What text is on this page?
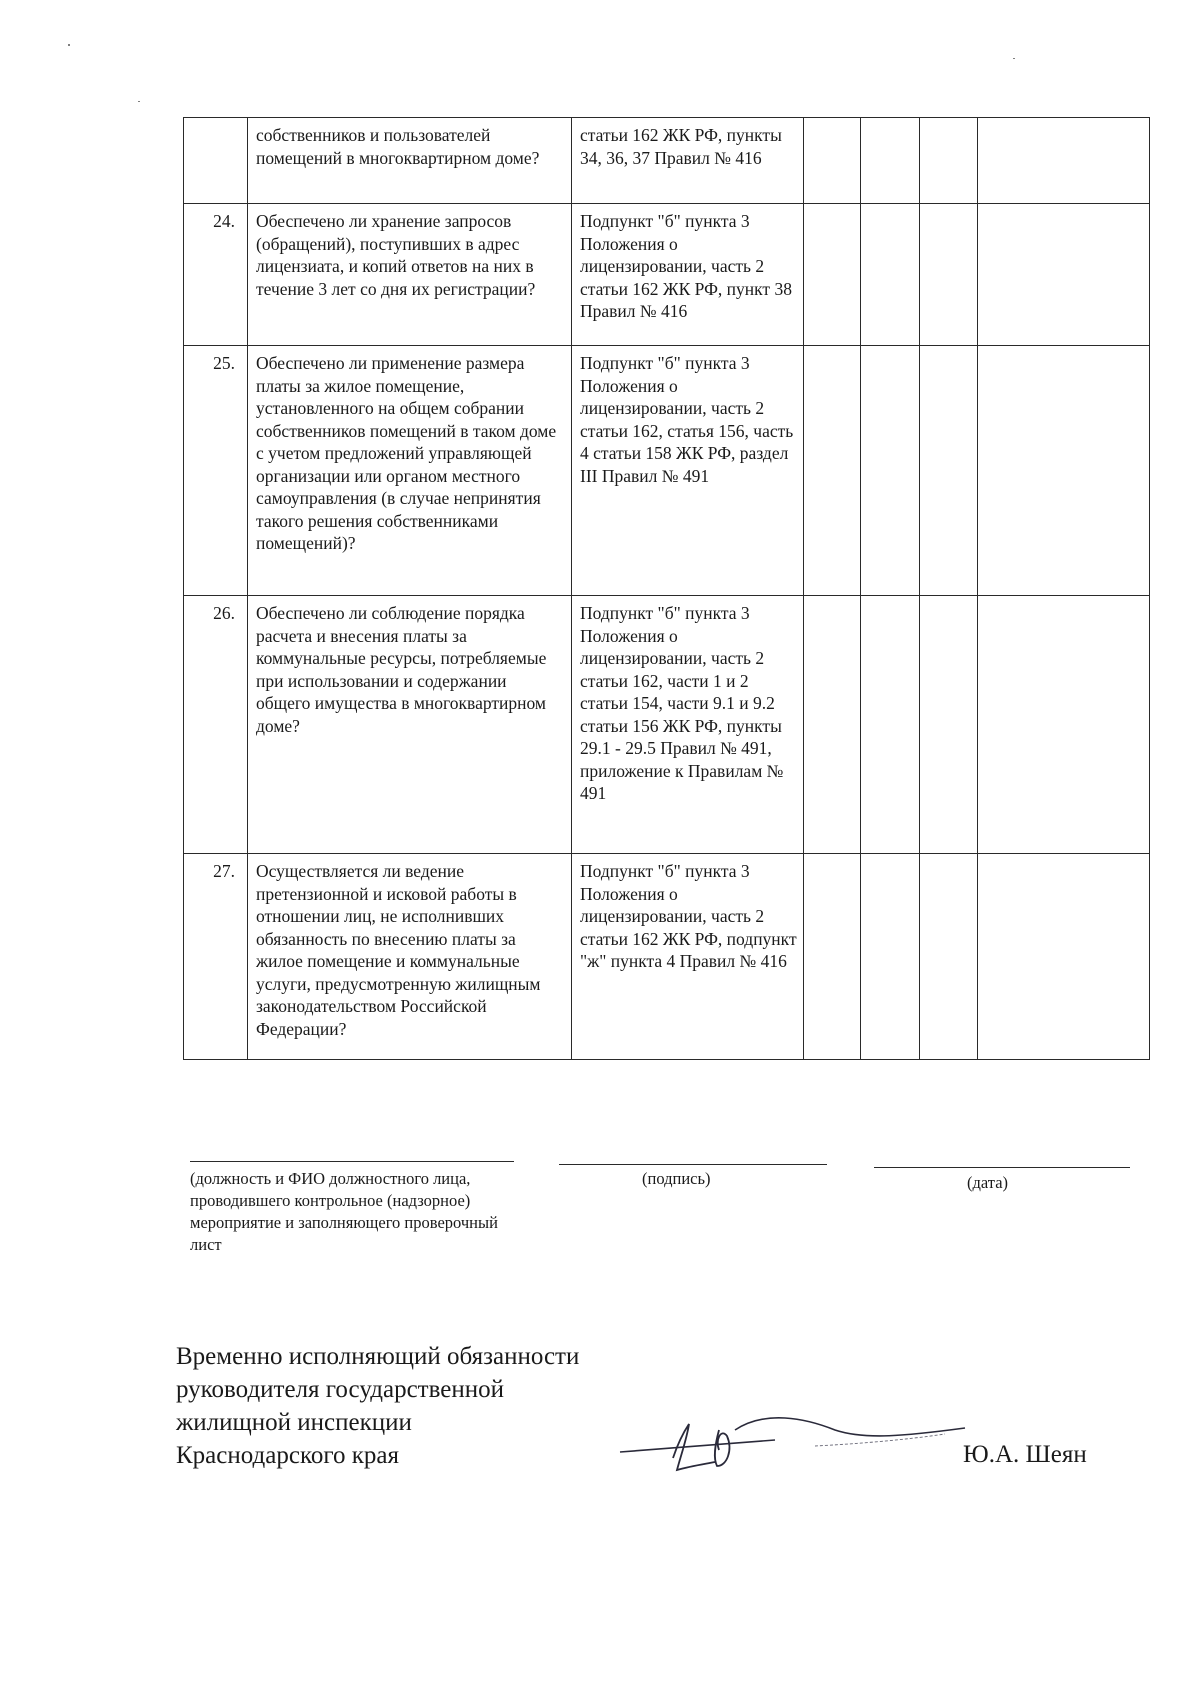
	собственников и пользователей помещений в многоквартирном доме?	статьи 162 ЖК РФ, пункты 34, 36, 37 Правил № 416				
24.	Обеспечено ли хранение запросов (обращений), поступивших в адрес лицензиата, и копий ответов на них в течение 3 лет со дня их регистрации?	Подпункт "б" пункта 3 Положения о лицензировании, часть 2 статьи 162 ЖК РФ, пункт 38 Правил № 416				
25.	Обеспечено ли применение размера платы за жилое помещение, установленного на общем собрании собственников помещений в таком доме с учетом предложений управляющей организации или органом местного самоуправления (в случае непринятия такого решения собственниками помещений)?	Подпункт "б" пункта 3 Положения о лицензировании, часть 2 статьи 162, статья 156, часть 4 статьи 158 ЖК РФ, раздел III Правил № 491				
26.	Обеспечено ли соблюдение порядка расчета и внесения платы за коммунальные ресурсы, потребляемые при использовании и содержании общего имущества в многоквартирном доме?	Подпункт "б" пункта 3 Положения о лицензировании, часть 2 статьи 162, части 1 и 2 статьи 154, части 9.1 и 9.2 статьи 156 ЖК РФ, пункты 29.1 - 29.5 Правил № 491, приложение к Правилам № 491				
27.	Осуществляется ли ведение претензионной и исковой работы в отношении лиц, не исполнивших обязанность по внесению платы за жилое помещение и коммунальные услуги, предусмотренную жилищным законодательством Российской Федерации?	Подпункт "б" пункта 3 Положения о лицензировании, часть 2 статьи 162 ЖК РФ, подпункт "ж" пункта 4 Правил № 416				
(должность и ФИО должностного лица, проводившего контрольное (надзорное) мероприятие и заполняющего проверочный лист
(подпись)	(дата)
Временно исполняющий обязанности руководителя государственной жилищной инспекции Краснодарского края	Ю.А. Шеян
